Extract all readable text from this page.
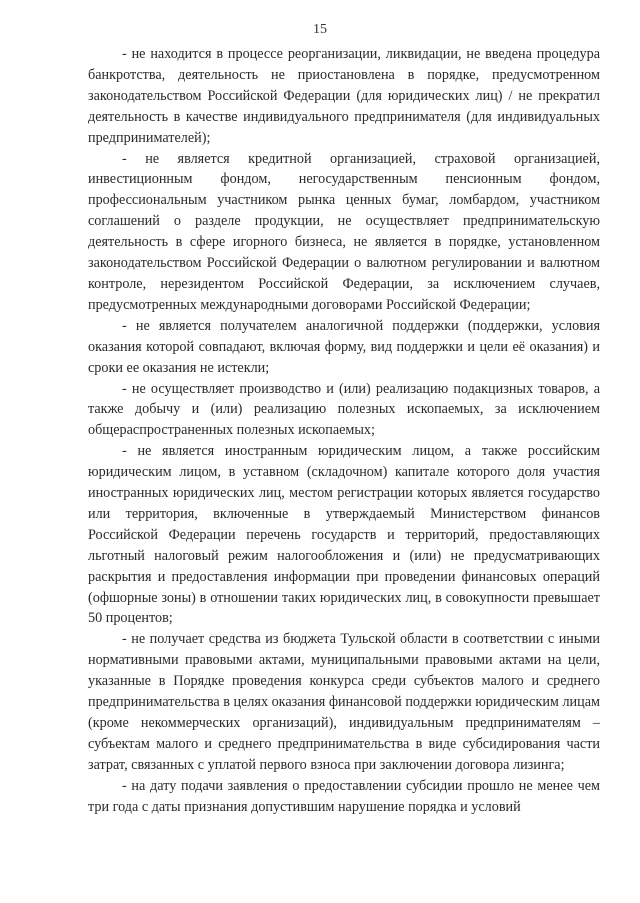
15

- не находится в процессе реорганизации, ликвидации, не введена процедура банкротства, деятельность не приостановлена в порядке, предусмотренном законодательством Российской Федерации (для юридических лиц) / не прекратил деятельность в качестве индивидуального предпринимателя (для индивидуальных предпринимателей);

- не является кредитной организацией, страховой организацией, инвестиционным фондом, негосударственным пенсионным фондом, профессиональным участником рынка ценных бумаг, ломбардом, участником соглашений о разделе продукции, не осуществляет предпринимательскую деятельность в сфере игорного бизнеса, не является в порядке, установленном законодательством Российской Федерации о валютном регулировании и валютном контроле, нерезидентом Российской Федерации, за исключением случаев, предусмотренных международными договорами Российской Федерации;

- не является получателем аналогичной поддержки (поддержки, условия оказания которой совпадают, включая форму, вид поддержки и цели её оказания) и сроки ее оказания не истекли;

- не осуществляет производство и (или) реализацию подакцизных товаров, а также добычу и (или) реализацию полезных ископаемых, за исключением общераспространенных полезных ископаемых;

- не является иностранным юридическим лицом, а также российским юридическим лицом, в уставном (складочном) капитале которого доля участия иностранных юридических лиц, местом регистрации которых является государство или территория, включенные в утверждаемый Министерством финансов Российской Федерации перечень государств и территорий, предоставляющих льготный налоговый режим налогообложения и (или) не предусматривающих раскрытия и предоставления информации при проведении финансовых операций (офшорные зоны) в отношении таких юридических лиц, в совокупности превышает 50 процентов;

- не получает средства из бюджета Тульской области в соответствии с иными нормативными правовыми актами, муниципальными правовыми актами на цели, указанные в Порядке проведения конкурса среди субъектов малого и среднего предпринимательства в целях оказания финансовой поддержки юридическим лицам (кроме некоммерческих организаций), индивидуальным предпринимателям – субъектам малого и среднего предпринимательства в виде субсидирования части затрат, связанных с уплатой первого взноса при заключении договора лизинга;

- на дату подачи заявления о предоставлении субсидии прошло не менее чем три года с даты признания допустившим нарушение порядка и условий
